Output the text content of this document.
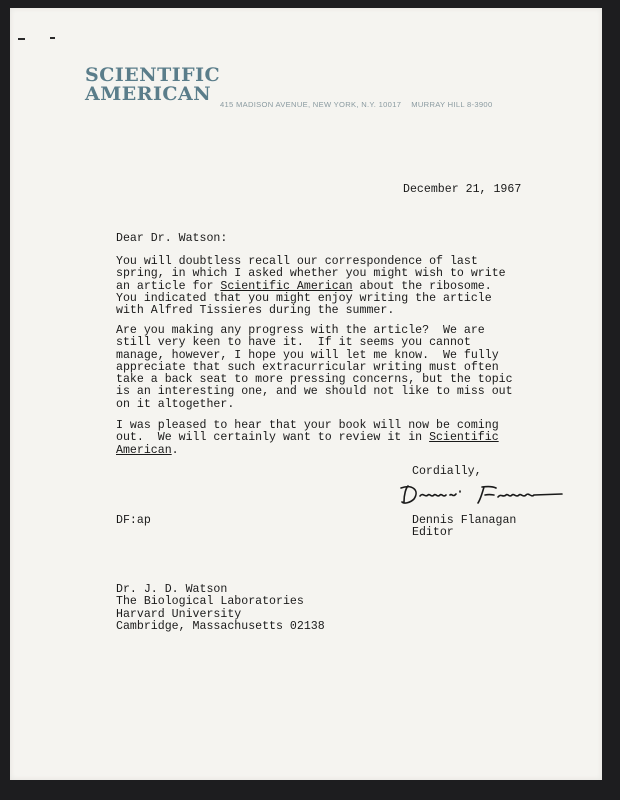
SCIENTIFIC
AMERICAN	415 MADISON AVENUE, NEW YORK, N.Y. 10017 MURRAY HILL 8-3900
December 21, 1967
Dear Dr. Watson:
You will doubtless recall our correspondence of last
spring, in which I asked whether you might wish to write
an article for Scientific American about the ribosome.
You indicated that you might enjoy writing the article
with Alfred Tissieres during the summer.
Are you making any progress with the article?  We are
still very keen to have it.  If it seems you cannot
manage, however, I hope you will let me know.  We fully
appreciate that such extracurricular writing must often
take a back seat to more pressing concerns, but the topic
is an interesting one, and we should not like to miss out
on it altogether.
I was pleased to hear that your book will now be coming
out.  We will certainly want to review it in Scientific
American.
Cordially,
DF:ap	Dennis Flanagan
Editor
Dr. J. D. Watson
The Biological Laboratories
Harvard University
Cambridge, Massachusetts 02138
